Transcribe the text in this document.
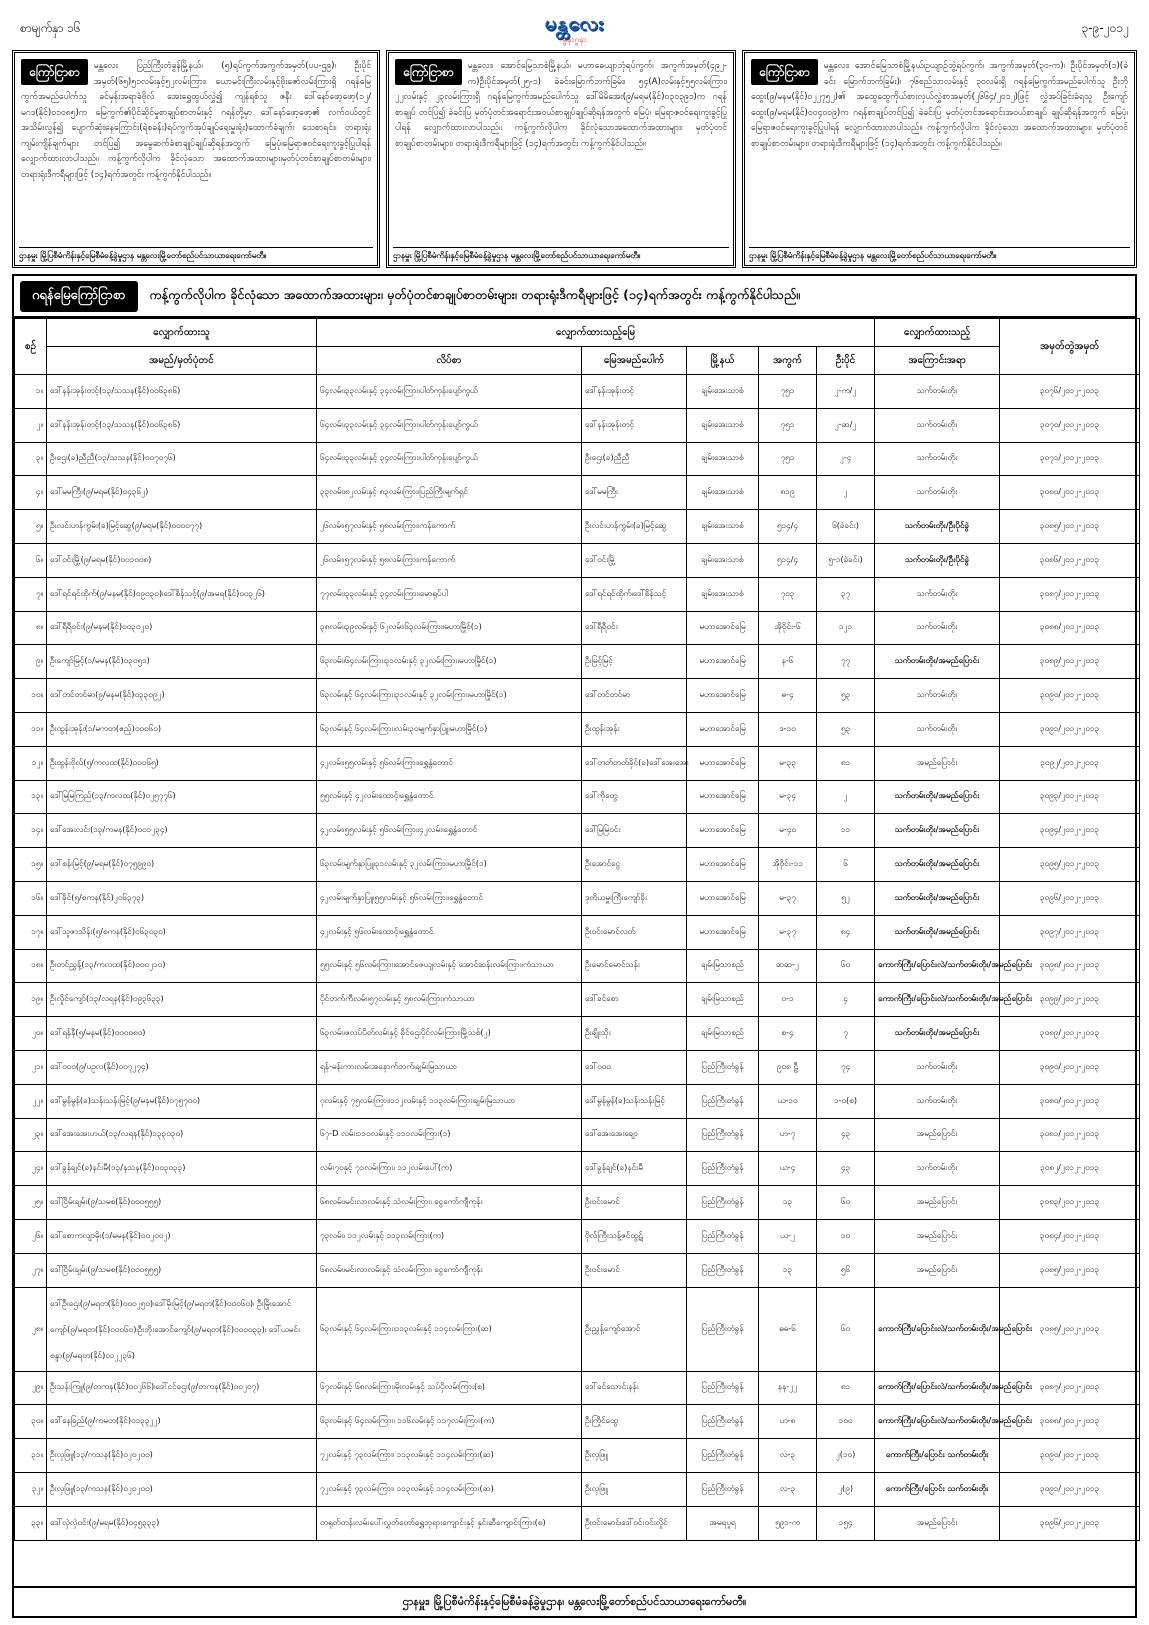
စာမျက်နှာ ၁၆	မန္တလေး
မ္ဗနာဂ္ဗနာ
၃-၉-၂၀၁၂
ကြော်ငြာစာ	မန္တလေး ပြည်ကြီးတံခွန်မြို့နယ်၊ (၅)ရပ်ကွက်အကွက်အမှတ်(ပပ-ဌ၉)၊ ဦးပိုင်အမှတ်(၆၅)၅၁လမ်းနှင့်၅၂လမ်းကြား၊ ယောမင်းကြီးလမ်းနှင့်ဗိုးဇော်လမ်းကြားရှိ ဂရန်မြေကွက်အမည်ပေါက်သူ ခင်မှန်းအရာခံဗိုလ် အေးရွှေထွယ်လွှဲ၍ ကျန်ရစ်သူ ဇနီး ဒေါ်နော်ဖော့ဖော့(၁၂/မဂဒ(နိုင်)၀၁၀၈၅)က မြေကွက်၏ပိုင်ဆိုင်မှုစာချုပ်စာတမ်းနှင့် ဂရန်တို့မှာ ဒေါ်နော်ဖော့ဖော့၏ လက်ဝယ်တွင် အသိမ်းလွန်၍ ပျောက်ဆုံးနေကြောင်း(ရဲစခန်း)ရပ်ကွက်အုပ်ချုပ်ရေးမှူးရုံး)ထောက်ခံချက်၊ သေစာရင်း၊ တရားရုံးကျမ်းကျိန်ချက်များ တင်ပြ၍ အမွေဆက်ခံစာချုပ်ချုပ်ဆိုရန်အတွက် မြေပုံ၊မြေရာဇဝင်ရေးကူးခွင့်ပြုပါရန် လျှောက်ထားလာပါသည်။ ကန့်ကွက်လိုပါက ခိုင်လုံသော အထောက်အထားများ၊မှတ်ပုံတင်စာချုပ်စာတမ်းများ၊ တရားရုံးဒီကရီများဖြင့် (၁၄)ရက်အတွင်း ကန့်ကွက်နိုင်ပါသည်။
ဌာနမှူး မြို့ပြစီမံကိန်းနှင့်မြေစီမံခန့်ခွဲမှုဌာန မန္တလေးမြို့တော်စည်ပင်သာယာရေးကော်မတီ။
ကြော်ငြာစာ	မန္တလေး၊ အောင်မြေသာစံမြို့နယ်၊ မဟာဓေယျာဘုံရပ်ကွက်၊ အကွက်အမှတ်(၄၉၂-က)ဦးပိုင်အမှတ်(၂၅-၁) ခဲခင်းမြောက်ဘက်ခြမ်း၊ ၅၄(A)လမ်းနှင့်၅၅လမ်းကြား၊ ၂၂လမ်းနှင့် ၂၃လမ်းကြားရှိ ဂရန်မြေကွက်အမည်ပေါက်သူ ဒေါ်မိမိအေး(၉/မရမ(နိုင်)၀၃၀၃၉၁)က ဂရန်စာချုပ် တင်ပြ၍ ခဲခင်းပြ မှတ်ပုံတင်အရောင်းအဝယ်စာချုပ်ချုပ်ဆိုရန်အတွက် မြေပုံ၊ မြေရာဇဝင်ရေးကူးခွင့်ပြုပါရန် လျှောက်ထားလာပါသည်။ ကန့်ကွက်လိုပါက ခိုင်လုံသောအထောက်အထားများ၊ မှတ်ပုံတင်စာချုပ်စာတမ်းများ၊ တရားရုံးဒီကရီများဖြင့် (၁၄)ရက်အတွင်း ကန့်ကွက်နိုင်ပါသည်။
ဌာနမှူး မြို့ပြစီမံကိန်းနှင့်မြေစီမံခန့်ခွဲမှုဌာန မန္တလေးမြို့တော်စည်ပင်သာယာရေးကော်မတီ။
ကြော်ငြာစာ	မန္တလေး၊ အောင်မြေသာစံမြို့နယ်၊ဥယျာဉ်ဘွဲ့ရပ်ကွက်၊ အကွက်အမှတ်(၃၀-က)၊ ဦးပိုင်အမှတ်(၁)(ခဲခင်း မြောက်ဘက်ခြမ်း)၊ ၇၆စည်သာလမ်းနှင့် ၃၀လမ်းရှိ ဂရန်မြေကွက်အမည်ပေါက်သူ ဦးဘိုထွေး(၉/မနမ(နိုင်)၀၂၂၇၅၂)၏ အထွေထွေကိုယ်စားလှယ်လွှဲစာအမှတ်(၂၆၆၄/၂၀၁၂)ဖြင့် လွှဲအပ်ခြင်းခံရသူ ဦးကျော်ထွေး(၉/မရမ(နိုင်)၀၀၄၀၀၉)က ဂရန်စာချုပ်တင်ပြ၍ ခဲခင်းပြ မှတ်ပုံတင်အရောင်းအဝယ်စာချုပ် ချုပ်ဆိုရန်အတွက် မြေပုံ၊ မြေရာဇဝင်ရေးကူးခွင့်ပြုပါရန် လျှောက်ထားလာပါသည်။ ကန့်ကွက်လိုပါက ခိုင်လုံသော အထောက်အထားများ၊ မှတ်ပုံတင်စာချုပ်စာတမ်းများ၊ တရားရုံးဒီကရီများဖြင့် (၁၄)ရက်အတွင်း ကန့်ကွက်နိုင်ပါသည်။
ဌာနမှူး မြို့ပြစီမံကိန်းနှင့်မြေစီမံခန့်ခွဲမှုဌာန မန္တလေးမြို့တော်စည်ပင်သာယာရေးကော်မတီ။
ဂရန်မြေကြော်ငြာစာ	ကန့်ကွက်လိုပါက ခိုင်လုံသော အထောက်အထားများ၊ မှတ်ပုံတင်စာချုပ်စာတမ်းများ၊ တရားရုံးဒီကရီများဖြင့် (၁၄)ရက်အတွင်း ကန့်ကွက်နိုင်ပါသည်။
စဉ်	လျှောက်ထားသူ	လျှောက်ထားသည့်မြေ					လျှောက်ထားသည့်	အမှတ်တွဲအမှတ်
	အမည်/မှတ်ပုံတင်	လိပ်စာ	မြေအမည်ပေါက်	မြို့နယ်	အကွက်	ဦးပိုင်	အကြောင်းအရာ	
၁။	ဒေါ်နန်းအုန်းတင့်(၁၃/သသန(နိုင်)၀၀၆၃၈၆)	၆၄လမ်း၊၃၃လမ်းနှင့် ၃၄လမ်းကြား၊ပါတ်ကုန်းပျော်ကွယ်	ဒေါ်နန်းအုန်းတင့်	ချမ်းအေးသာစံ	၇၅၁	၂-က/၂	သက်တမ်းတိုး	၃၀၇၆/၂၀၁၂-၂၀၁၃
၂။	ဒေါ်နန်းအုန်းတင့်(၁၃/သသန(နိုင်)၀၀၆၃၈၆)	၆၄လမ်း၊၃၃လမ်းနှင့် ၃၄လမ်းကြား၊ပါတ်ကုန်းပျော်ကွယ်	ဒေါ်နန်းအုန်းတင့်	ချမ်းအေးသာစံ	၇၅၁	၂-ဆ/၂	သက်တမ်းတိုး	၃၀၇၀/၂၀၁၂-၂၀၁၃
၃။	ဦးဌေး(ခ)ညီညီ(၁၃/သသန(နိုင်)၀၀၇၀၇၆)	၆၄လမ်း၊၃၃လမ်းနှင့် ၃၄လမ်းကြား၊ပါတ်ကုန်းပျော်ကွယ်	ဦးဌေး(ခ)ညီညီ	ချမ်းအေးသာစံ	၇၅၁	၂-၄	သက်တမ်းတိုး	၃၀၇၁/၂၀၁၂-၂၀၁၃
၄။	ဒေါ်မမကြီး(၉/မရမ(နိုင်)၀၄၃၆၂)	၃၃လမ်း၊၈၂လမ်းနှင့် ၈၃လမ်းကြား၊ပြည်ကြီးမျက်ရှင်	ဒေါ်မမကြီး	ချမ်းအေးသာစံ	၈၁၉	၂	သက်တမ်းတိုး	၃၀၈၀/၂၀၁၂-၂၀၁၃
၅။	ဦးလင်းဟန်ကွမ်း(ခ)မြင့်ဆွေ(၉/မရမ(နိုင်)၀၀၀၀၇၇)	၂၆လမ်း၊၅၇လမ်းနှင့် ၅၈လမ်းကြား၊ကန်ကောက်	ဦးလင်းဟန်ကွမ်း(ခ)မြင့်ဆွေ	ချမ်းအေးသာစံ	၅၁၄/၄	၆(ခဲခင်း)	သက်တမ်းတိုး/ဦးပိုင်ခွဲ	၃၀၈၅/၂၀၁၂-၂၀၁၃
၆။	ဒေါ်ဝင်းမြို့(၉/မရမ(နိုင်)၀၀၁၀၀၈)	၂၆လမ်း၊၅၇လမ်းနှင့် ၅၈လမ်းကြား၊ကန်ကောက်	ဒေါ်ဝင်းမြို့	ချမ်းအေးသာစံ	၅၁၄/၄	၅-၁(ခဲခင်း)	သက်တမ်းတိုး/ဦးပိုင်ခွဲ	၃၀၈၆/၂၀၁၂-၂၀၁၃
၇။	ဒေါ်ရင်ရင်ထိုက်(၉/မနမ(နိုင်)၀၉၀၃၀)၊ဒေါ်စိန်သင့်(၉/အမရ(နိုင်)၀၀၃၂၆)	၇၇လမ်း၊၃၃လမ်းနှင့် ၃၄လမ်းကြား၊မောရုပ်ပါ	ဒေါ်ရင်ရင်ထိုက်၊ဒေါ်စိန်သင့်	ချမ်းအေးသာစံ	၇၀၃	၃၇	သက်တမ်းတိုး	၃၀၈၇/၂၀၁၂-၂၀၁၃
၈။	ဒေါ်ရီရီဝင်း(၉/မနမ(နိုင်)၀၀၃၀၂၀)	၃၈လမ်း၊၃၉လမ်းနှင့် ၆၂လမ်း၊၆၃လမ်းကြား၊မဟာမြိုင်(၁)	ဒေါ်ရီရီဝင်း	မဟာအောင်မြေ	အိုဝိုင်း-၆	၁၂၁	သက်တမ်းတိုး	၃၀၈၈/၂၀၁၂-၂၀၁၃
၉။	ဦးကျော်မြင့်(၁/မမန(နိုင်)၀၃၀၅၁)	၆၃လမ်း၊၆၄လမ်းကြား၊၃၁လမ်းနှင့် ၃၂လမ်းကြား၊မဟာမြိုင်(၁)	ဦးမြင့်မြင့်	မဟာအောင်မြေ	န-၆	၇၇	သက်တမ်းတိုး/အမည်ပြောင်း	၃၀၈၉/၂၀၁၂-၂၀၁၃
၁၀။	ဒေါ်တင်တင်မာ(၉/မနမ(နိုင်)၀၃၃၀၉၂)	၆၃လမ်းနှင့် ၆၄လမ်းကြား၊၃၁လမ်းနှင့် ၃၂လမ်းကြား၊မဟာမြိုင်(၁)	ဒေါ်တင်တင်မာ	မဟာအောင်မြေ	ဓ-၄	၅၃	သက်တမ်းတိုး	၃၀၉၀/၂၀၁၂-၂၀၁၃
၁၁။	ဦးထွန်းအုန်း(၁/မကတ(ဧည့်)၀၀၀၆၀)	၆၃လမ်းနှင့် ၆၄လမ်းကြား၊လမ်း၃၀မျက်နှာပြူ၊မဟာမြိုင်(၁)	ဦးထွန်းအုန်း	မဟာအောင်မြေ	ဒ-၁၀	၅၃	သက်တမ်းတိုး	၃၀၉၁/၂၀၁၂-၂၀၁၃
၁၂။	ဦးထွန်းဗိုလ်(၅/ကလထ(နိုင်)၀၀၀၆၅)	၄၂လမ်း၊၅၅လမ်းနှင့် ၅၆လမ်းကြား၊ရွှေနွံတောင်	ဒေါ်တတ်တတ်ခိုင်(ခ)ဒေါ်အေးအေး	မဟာအောင်မြေ	မ-၃၃	၈၁	အမည်ပြောင်း	၃၀၉၂/၂၀၁၂-၂၀၁၃
၁၃။	ဒေါ်မြမြကြည်(၁၃/ကလထ(နိုင်)၀၂၅၇၇၆)	၅၅လမ်းနှင့် ၄၂လမ်းထောင့်၊ရွှေနွံတောင်	ဒေါ်ကိုတွေ	မဟာအောင်မြေ	မ-၃၄	၂	သက်တမ်းတိုး/အမည်ပြောင်း	၃၀၉၃/၂၀၁၂-၂၀၁၃
၁၄။	ဒေါ်အေးလင်း(၁၃/ကမန(နိုင်)၀၀၁၂၃၄)	၄၂လမ်း၊၅၅လမ်းနှင့် ၅၆လမ်းကြား၊၄၂လမ်း၊ရွှေနွံတောင်	ဒေါ်မြမြဝင်း	မဟာအောင်မြေ	မ-၄၀	၁၁	သက်တမ်းတိုး/အမည်ပြောင်း	၃၀၉၄/၂၀၁၂-၂၀၁၃
၁၅။	ဒေါ်စန်းမြင့်(၉/မရမ(နိုင်)၀၇၅၉၉၀)	၆၃လမ်းမျက်နှာပြူ၊၃၁လမ်းနှင့် ၃၂လမ်းကြား၊မဟာမြိုင်(၁)	ဦးအောင်ငွေ	မဟာအောင်မြေ	အိုဝိုင်း-၁၁	၆	သက်တမ်းတိုး/အမည်ပြောင်း	၃၀၉၅/၂၀၁၂-၂၀၁၃
၁၆။	ဒေါ်ခိုင်(၅/စကန(နိုင်)၂၀၆၃၇၃)	၄၂လမ်းမျက်နှာပြူ၊၅၅လမ်းနှင့် ၅၆လမ်းကြား၊ရွှေနွံတောင်	ဒုတိယမှူးကြီးကျော်ခိုး	မဟာအောင်မြေ	မ-၃၇	၅၂	သက်တမ်းတိုး/အမည်ပြောင်း	၃၀၉၆/၂၀၁၂-၂၀၁၃
၁၇။	ဒေါ်သူဇာသိန်း(၅/စကန(နိုင်)၀၆၃၀၃၀)	၄၂လမ်းနှင့် ၅၆လမ်းထောင့်၊ရွှေနွံတောင်	ဦးဝင်းမောင်လတ်	မဟာအောင်မြေ	မ-၃၇	၈၄	သက်တမ်းတိုး/အမည်ပြောင်း	၃၀၉၇/၂၀၁၂-၂၀၁၃
၁၈။	ဦးတင်ညွှန့်(၁၃/ကလထ(နိုင်)၀၀၀၂၁၀)	၅၅လမ်းနှင့် ၅၆လမ်းကြား၊အောင်ဇေယျလမ်းနှင့် အောင်ဆန်းလမ်းကြား၊ကံသာယာ	ဦးမောင်မောင်သန်း	ချမ်းမြသာစည်	ဆဆ-၂	၆၀	ကောက်ကြီး/ပြောင်းလဲ/သက်တမ်းတိုး/အမည်ပြောင်း	၃၀၉၈/၂၀၁၂-၂၀၁၃
၁၉။	ဦးလှိုင်ကျော်(၁၃/လရန(နိုင်)၀၉၃၆၃၃)	ပိုင်တက်ကီလမ်း၊၅၇လမ်းနှင့် ၅၈လမ်းကြား၊ကံသာယာ	ဒေါ်ခင်စော	ချမ်းမြသာစည်	ဝ-၁	၄	ကောက်ကြီး/ပြောင်းလဲ/သက်တမ်းတိုး/အမည်ပြောင်း	၃၀၉၉/၂၀၁၂-၂၀၁၃
၂၀။	ဒေါ်ရန်နီ(၅/မနမ(နိုင်)၀၀၀၀၈၀)	၆၃လမ်း၊ဇလပ်ပိတ်လမ်းနှင့် ခိုင်ဌေးပိုင်လမ်းကြား၊မြို့သစ်(၂)	ဦးချိုးသိုး	ချမ်းမြသာစည်	စ-၄	၇	သက်တမ်းတိုး/အမည်ပြောင်း	၃၀၈၉/၂၀၁၂-၂၀၁၃
၂၁။	ဒေါ်ဝဝဝ(၉/ပဥလ(နိုင်)၀၀၇၂၇၄)	ရန်-မန်းကားလမ်းအနောက်ဘက်၊ချမ်းမြသာယာ	ဒေါ်ဝဝဝ	ပြည်ကြီးတံခွန်	၉၀၈ ဠီ	၇၄	သက်တမ်းတိုး	၃၀၉၀/၂၀၁၂-၂၀၁၃
၂၂။	ဒေါ်မွန်မွန်(ခ)သန်းသန်းမြင့်(၉/မနမ(နိုင်)၀၇၅၇၀၀)	ဂုလမ်းနှင့် ၇၅လမ်းကြား၊၁၁၂လမ်းနှင့် ၁၁၃လမ်းကြား၊ချမ်းမြသာယာ	ဒေါ်မွန်မွန်(ခ)သန်းသန်းမြင့်	ပြည်ကြီးတံခွန်	ယ-၁၀	၁-၀(စ)	သက်တမ်းတိုး	၃၀၈၀/၂၀၁၂-၂၀၁၃
၂၃။	ဒေါ်အေးအေးဟယ်(၁၃/လရန(နိုင်)၁၃၃၀၃၀)	၆၇-D လမ်း၊၁၁၀လမ်းနှင့် ၁၁၁လမ်းကြား(၁)	ဒေါ်အေးအေးချော	ပြည်ကြီးတံခွန်	ဟ-၇	၄၃	အမည်ပြောင်း	၃၀၈၁/၂၀၁၂-၂၀၁၃
၂၄။	ဒေါ်ခွန်ချင်(ခ)နင်းမီ(၁၃/နသန(နိုင်)၀၀၃၀၃၃)	လမ်း၇၀နှင့် ၇၁လမ်းကြား၊ ၁၁၂လမ်းပေါ်(က)	ဒေါ်ခွန်ချင်(ခ)နင်းမီ	ပြည်ကြီးတံခွန်	ယ-၄	၄၃	သက်တမ်းတိုး	၃၀၈၂/၂၀၁၂-၂၀၁၃
၂၅။	ဒေါ်ငြိမ်းချမ်း(၉/သမစ(နိုင်)၀၀၀၅၅၅)	၆၈လမ်း၊မင်းလာလမ်းနှင့် သံလမ်းကြား၊ ငွေကော်ကျီကုန်း	ဦးဝင်းမောင်	ပြည်ကြီးတံခွန်	၁၃	၆၀	အမည်ပြောင်း	၃၀၈၃/၂၀၁၂-၂၀၁၃
၂၆။	ဒေါ်စောကလျာမိုး(၁/မမန(နိုင်)၀၀၂၀၀၂)	၇၃လမ်း၊ ၁၁၂လမ်းနှင့် ၁၁၃လမ်းကြား(က)	ဗိုလ်ကြီးသန့်ဇင်ထွဋ်	ပြည်ကြီးတံခွန်	ယ-၂	၁၀	အမည်ပြောင်း	၃၀၈၄/၂၀၁၂-၂၀၁၃
၂၇။	ဒေါ်ငြိမ်းချမ်း(၉/သမစ(နိုင်)၀၀၀၅၅၅)	၆၈လမ်း၊မင်းလာလမ်းနှင့် သံလမ်းကြား၊ ငွေကော်ကျီကုန်း	ဦးဝင်းမောင်	ပြည်ကြီးတံခွန်	၁၃	၅၆	အမည်ပြောင်း	၃၀၈၅/၂၀၁၂-၂၀၁၃
၂၈။	ဒေါ်ဦးဌေး(၉/မရတ(နိုင်)၀၀၀၂၅၀)၊ဒေါ်မိုးမြင့်(၉/မရတ(နိုင်)၀၀၀၆၀)၊ ဦးမြိုးအောင်ကျော်(၉/မရတ(နိုင်)၀၀၀၆၀)၊ဦးဘိုးအောင်ကျော်(၉/မရတ(နိုင်)၀၀၀၀၃၃)၊ ဒေါ်ယမင်းစန္ဒာ(၉/မရတ(နိုင်)၀၁၂၂၃၆)	၆၃လမ်းနှင့် ၆၄လမ်းကြား၊၁၁၃လမ်းနှင့် ၁၁၄လမ်းကြား(ဆ)	ဦးညွှန့်ကျော်အောင်	ပြည်ကြီးတံခွန်	ဓဓ-၆	၆၀	ကောက်ကြီး/ပြောင်းလဲ/သက်တမ်းတိုး/အမည်ပြောင်း	၃၀၈၅/၂၀၁၂-၂၀၁၃
၂၉။	ဦးသန်းကြူ(၉/တကန(နိုင်)၀၀၂၆၆)၊ဒေါ်ငင်ဌေး(၉/တကန(နိုင်)၀၀၂၀၇)	၆၇လမ်းနှင့် ၆၈လမ်းကြား၊မိုးလမ်းနှင့် သပ်ပိုလမ်းကြား(စ)	ဒေါ်ခင်သောင်းနန်း	ပြည်ကြီးတံခွန်	နန-၂၂	၈၁	ကောက်ကြီး/ပြောင်းလဲ/သက်တမ်းတိုး/အမည်ပြောင်း	၃၀၈၇/၂၀၁၂-၂၀၁၃
၃၀။	ဒေါ်နေခြည်(၉/ကမတ(နိုင်)၀၁၃၃၂၂)	၆၃လမ်းနှင့် ၆၄လမ်းကြား၊ ၁၁၆လမ်းနှင့် ၁၁၇လမ်းကြား(က)	ဦးကြိုင်ထွေ	ပြည်ကြီးတံခွန်	ဟ-၈	၁၀၀	ကောက်ကြီး/ပြောင်းလဲ/သက်တမ်းတိုး/အမည်ပြောင်း	၃၀၈၈/၂၀၁၂-၂၀၁၃
၃၁။	ဦးလှဖြူ(၁၃/ကသန(နိုင်)၀၂၀၂၀၀)	၇၂လမ်းနှင့် ၇၃လမ်းကြား၊ ၁၁၃လမ်းနှင့် ၁၁၄လမ်းကြား(ဆ)	ဦးလှဖြူ	ပြည်ကြီးတံခွန်	လ-၃	၂(၁၀)	ကောက်ကြီး/ပြောင်း သက်တမ်းတိုး	၃၀၉၀/၂၀၁၂-၂၀၁၃
၃၂။	ဦးလှဖြူ(၁၃/ကသန(နိုင်)၀၂၀၂၀၀)	၇၂လမ်းနှင့် ၇၃လမ်းကြား၊ ၁၁၃လမ်းနှင့် ၁၁၄လမ်းကြား(ဆ)	ဦးလှဖြူ	ပြည်ကြီးတံခွန်	လ-၃	၂(၉)	ကောက်ကြီး/ပြောင်း သက်တမ်းတိုး	၃၀၉၁/၂၀၁၂-၂၀၁၃
၃၃။	ဒေါ်လှဲလှဲဝင်း(၉/မရမ(နိုင်)၀၄၅၃၃၃)	တရုတ်တန်းလမ်းပေါ်၊လွှတ်တော်ရွှေဘုရားကျောင်းနှင့် နှင်းဆီကျောင်းကြား(စ)	ဦးဝင်းမောင်၊ဒေါ်ဝင်းဝင်းလှိုင်	အမရပူရ	၅၉၁-က	၁၅၄	အမည်ပြောင်း	၃၀၉၆/၂၀၁၂-၂၀၁၃
ဌာနမှူး၊ မြို့ပြစီမံကိန်းနှင့်မြေစီမံခန့်ခွဲမှုဌာန၊ မန္တလေးမြို့တော်စည်ပင်သာယာရေးကော်မတီ။
